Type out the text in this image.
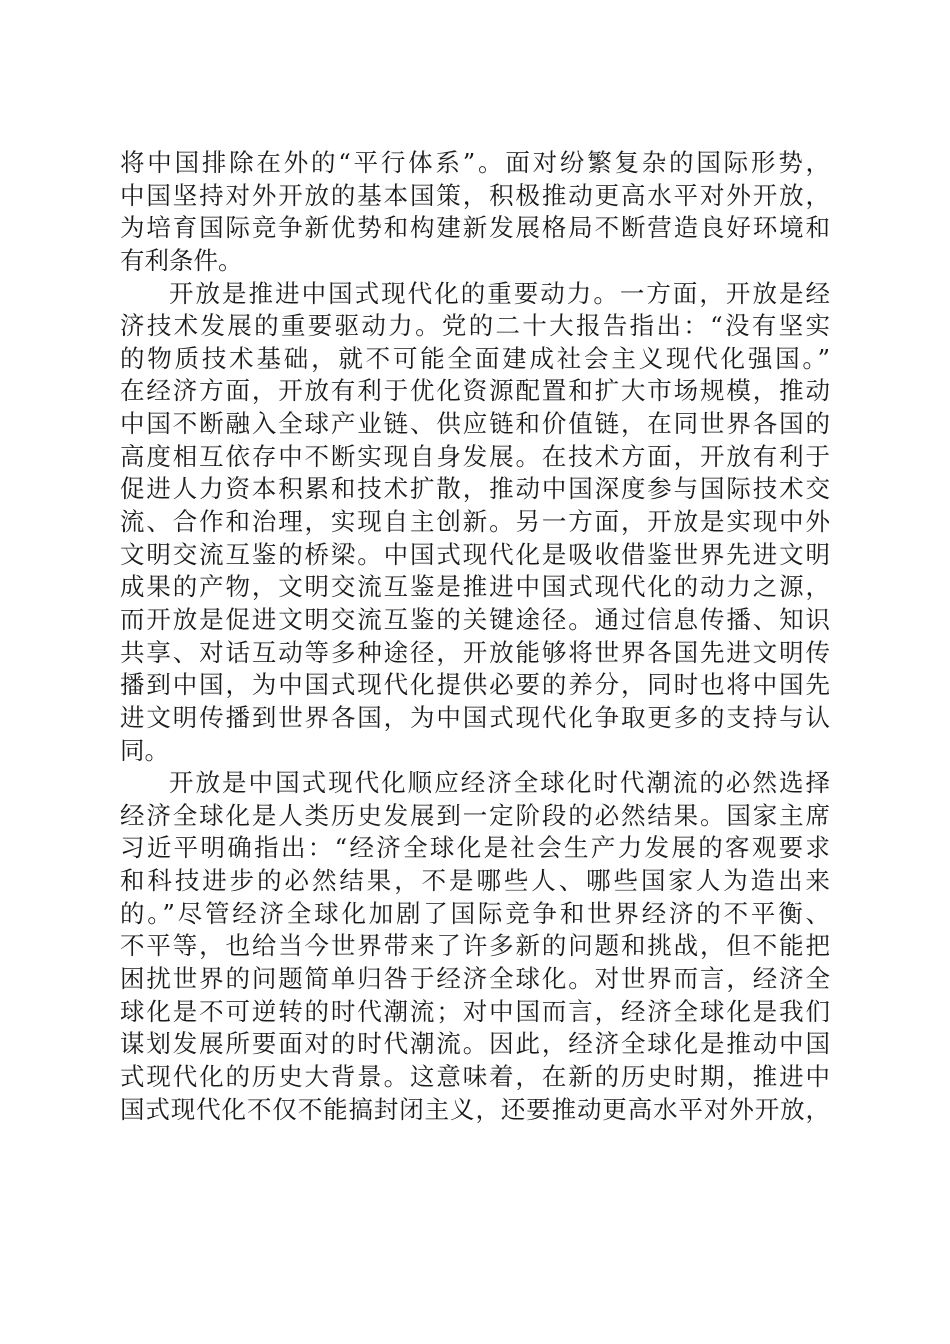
将中国排除在外的“平行体系”。面对纷繁复杂的国际形势，
中国坚持对外开放的基本国策，积极推动更高水平对外开放，
为培育国际竞争新优势和构建新发展格局不断营造良好环境和
有利条件。
开放是推进中国式现代化的重要动力。一方面，开放是经
济技术发展的重要驱动力。党的二十大报告指出：“没有坚实
的物质技术基础，就不可能全面建成社会主义现代化强国。”
在经济方面，开放有利于优化资源配置和扩大市场规模，推动
中国不断融入全球产业链、供应链和价值链，在同世界各国的
高度相互依存中不断实现自身发展。在技术方面，开放有利于
促进人力资本积累和技术扩散，推动中国深度参与国际技术交
流、合作和治理，实现自主创新。另一方面，开放是实现中外
文明交流互鉴的桥梁。中国式现代化是吸收借鉴世界先进文明
成果的产物，文明交流互鉴是推进中国式现代化的动力之源，
而开放是促进文明交流互鉴的关键途径。通过信息传播、知识
共享、对话互动等多种途径，开放能够将世界各国先进文明传
播到中国，为中国式现代化提供必要的养分，同时也将中国先
进文明传播到世界各国，为中国式现代化争取更多的支持与认
同。
开放是中国式现代化顺应经济全球化时代潮流的必然选择
经济全球化是人类历史发展到一定阶段的必然结果。国家主席
习近平明确指出：“经济全球化是社会生产力发展的客观要求
和科技进步的必然结果，不是哪些人、哪些国家人为造出来
的。”尽管经济全球化加剧了国际竞争和世界经济的不平衡、
不平等，也给当今世界带来了许多新的问题和挑战，但不能把
困扰世界的问题简单归咎于经济全球化。对世界而言，经济全
球化是不可逆转的时代潮流；对中国而言，经济全球化是我们
谋划发展所要面对的时代潮流。因此，经济全球化是推动中国
式现代化的历史大背景。这意味着，在新的历史时期，推进中
国式现代化不仅不能搞封闭主义，还要推动更高水平对外开放，
